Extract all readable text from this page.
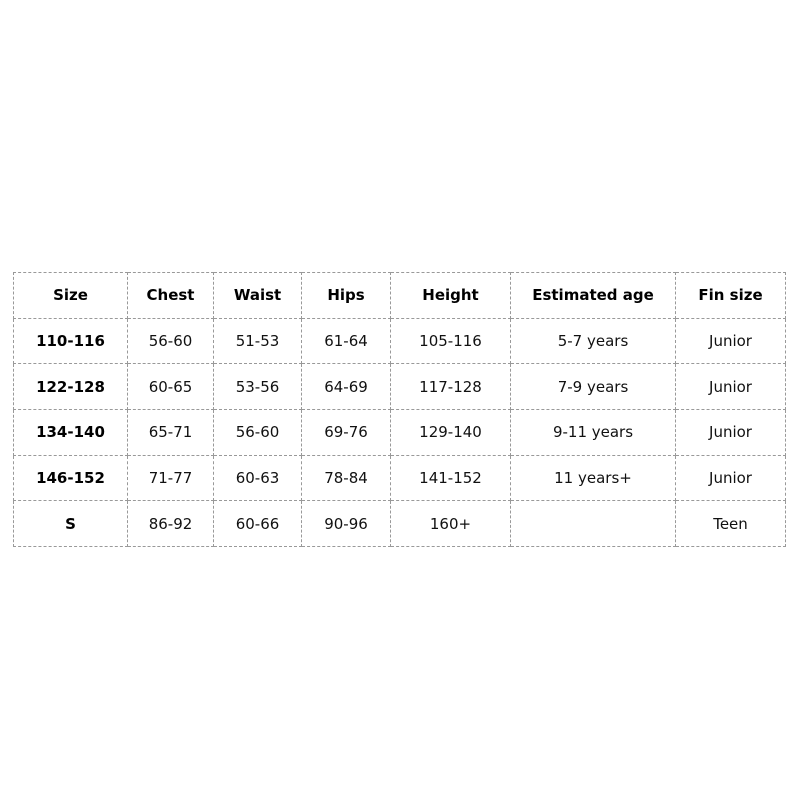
Size	Chest	Waist	Hips	Height	Estimated age	Fin size
110-116	56-60	51-53	61-64	105-116	5-7 years	Junior
122-128	60-65	53-56	64-69	117-128	7-9 years	Junior
134-140	65-71	56-60	69-76	129-140	9-11 years	Junior
146-152	71-77	60-63	78-84	141-152	11 years+	Junior
S	86-92	60-66	90-96	160+		Teen
